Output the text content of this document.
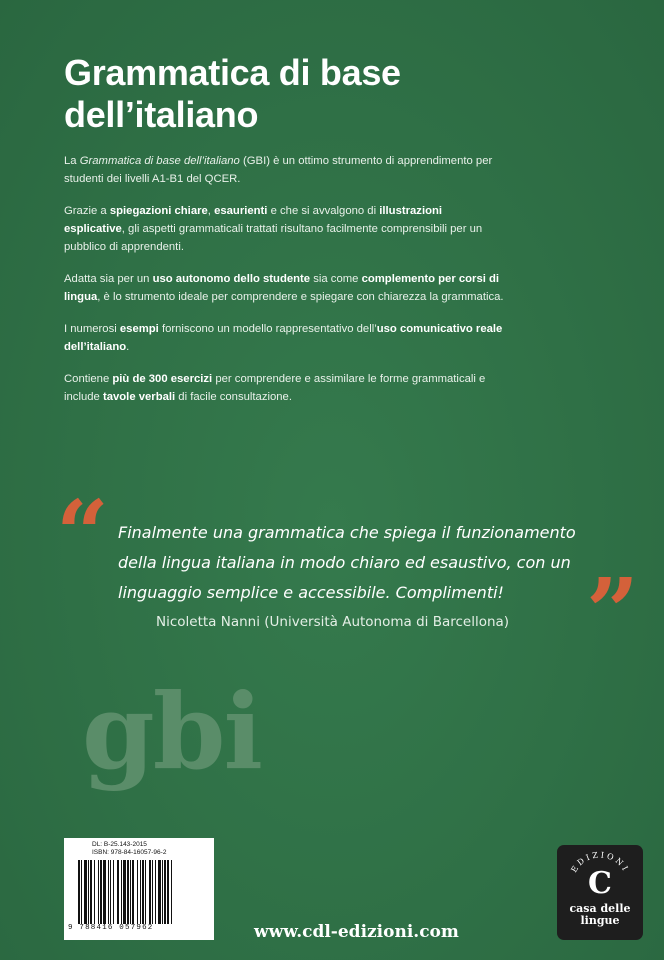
Grammatica di base
dell’italiano

La Grammatica di base dell’italiano (GBI) è un ottimo strumento di apprendimento per studenti dei livelli A1-B1 del QCER.

Grazie a spiegazioni chiare, esaurienti e che si avvalgono di illustrazioni esplicative, gli aspetti grammaticali trattati risultano facilmente comprensibili per un pubblico di apprendenti.

Adatta sia per un uso autonomo dello studente sia come complemento per corsi di lingua, è lo strumento ideale per comprendere e spiegare con chiarezza la grammatica.

I numerosi esempi forniscono un modello rappresentativo dell’uso comunicativo reale dell’italiano.

Contiene più de 300 esercizi per comprendere e assimilare le forme grammaticali e include tavole verbali di facile consultazione.

“ Finalmente una grammatica che spiega il funzionamento della lingua italiana in modo chiaro ed esaustivo, con un linguaggio semplice e accessibile. Complimenti! ”
Nicoletta Nanni (Università Autonoma di Barcellona)
gbi
DL: B-25.143-2015
ISBN: 978-84-16057-96-2
9 788416 057962	www.cdl-edizioni.com
EDIZIONI
C
casa delle
lingue
